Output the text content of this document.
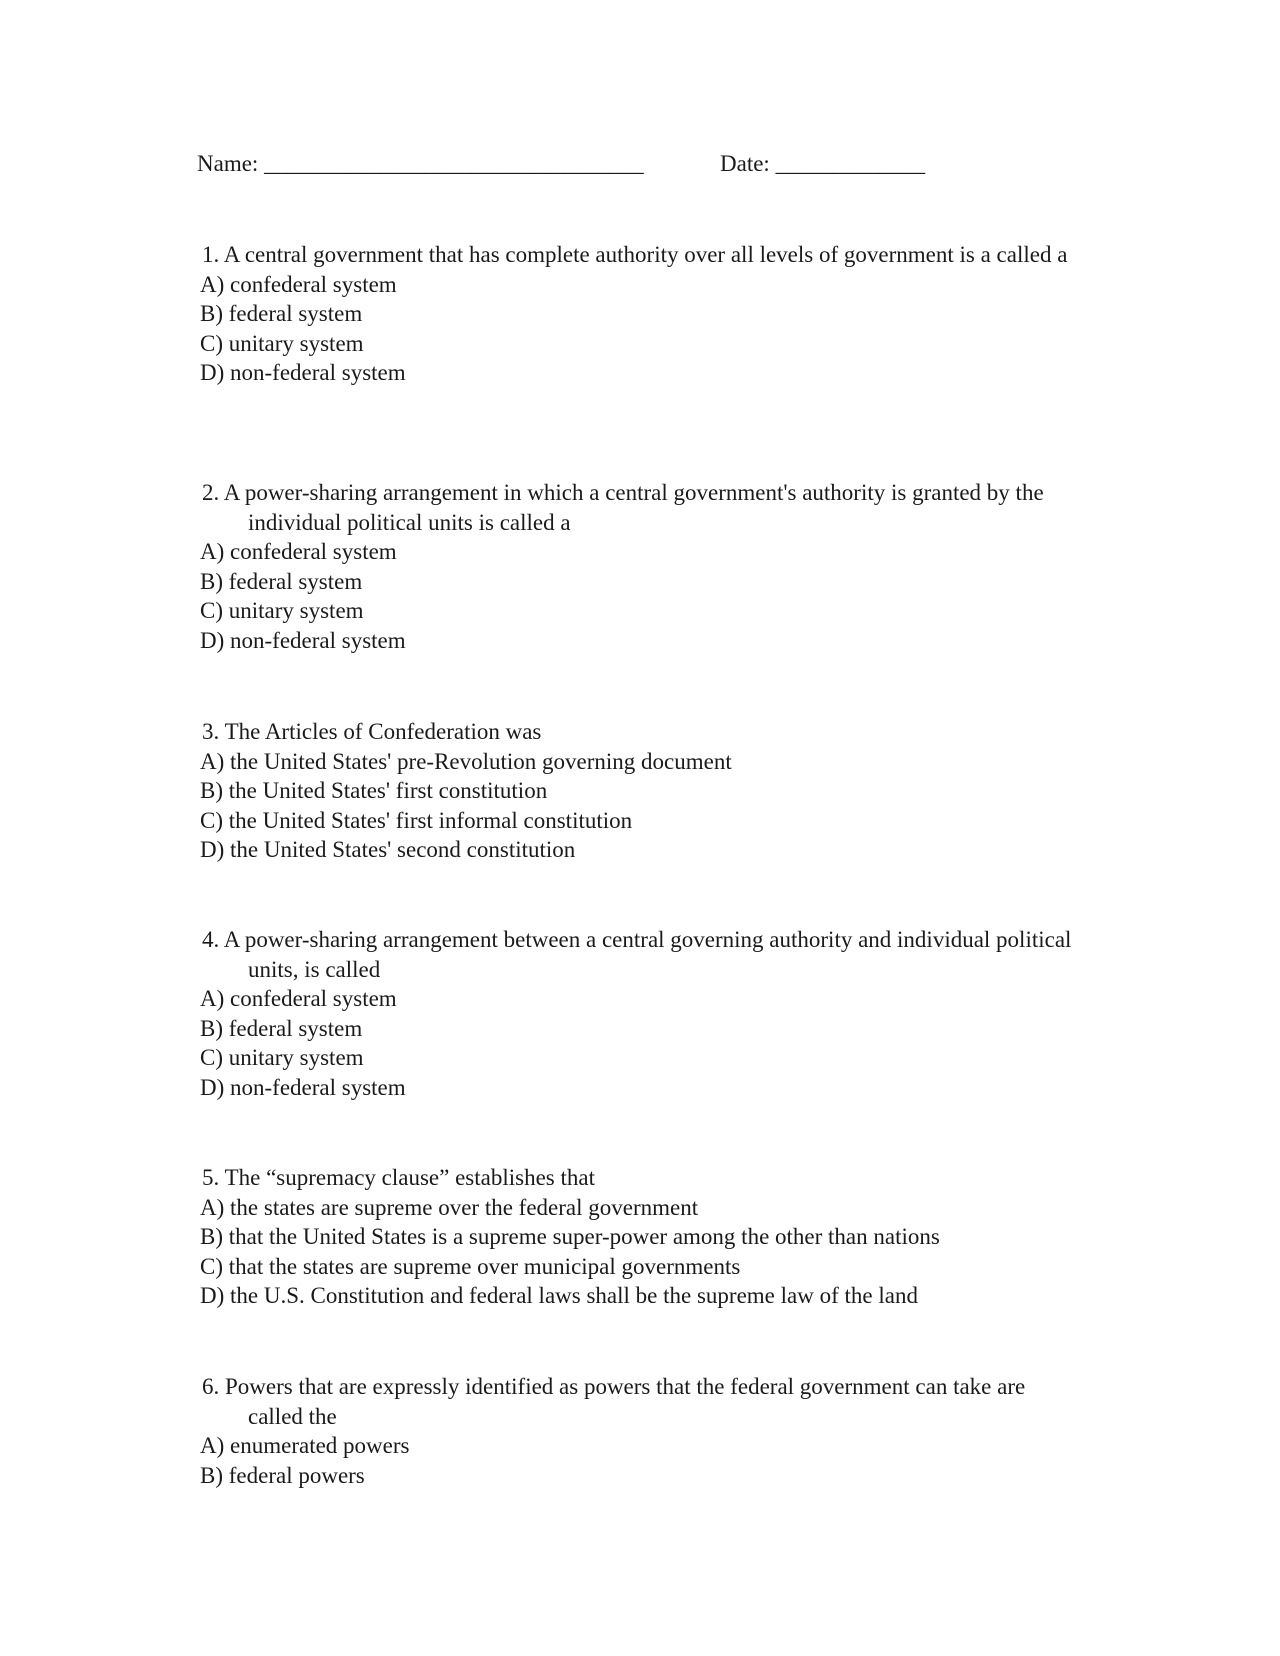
Name: _________________________________	Date: _____________
1. A central government that has complete authority over all levels of government is a called a
A) confederal system
B) federal system
C) unitary system
D) non-federal system
2. A power-sharing arrangement in which a central government's authority is granted by the individual political units is called a
A) confederal system
B) federal system
C) unitary system
D) non-federal system
3. The Articles of Confederation was
A) the United States' pre-Revolution governing document
B) the United States' first constitution
C) the United States' first informal constitution
D) the United States' second constitution
4. A power-sharing arrangement between a central governing authority and individual political units, is called
A) confederal system
B) federal system
C) unitary system
D) non-federal system
5. The “supremacy clause” establishes that
A) the states are supreme over the federal government
B) that the United States is a supreme super-power among the other than nations
C) that the states are supreme over municipal governments
D) the U.S. Constitution and federal laws shall be the supreme law of the land
6. Powers that are expressly identified as powers that the federal government can take are called the
A) enumerated powers
B) federal powers
